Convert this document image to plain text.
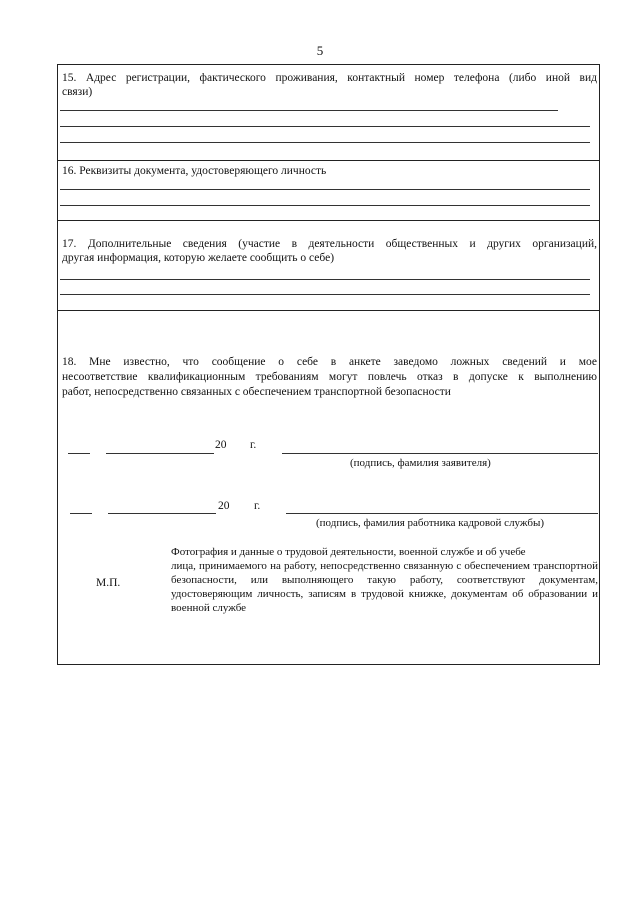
5
15. Адрес регистрации, фактического проживания, контактный номер телефона (либо иной вид
связи)
16. Реквизиты документа, удостоверяющего личность
17. Дополнительные сведения (участие в деятельности общественных и других организаций,
другая информация, которую желаете сообщить о себе)
18. Мне известно, что сообщение о себе в анкете заведомо ложных сведений и мое
несоответствие квалификационным требованиям могут повлечь отказ в допуске к выполнению
работ, непосредственно связанных с обеспечением транспортной безопасности
20 г.
(подпись, фамилия заявителя)
20 г.
(подпись, фамилия работника кадровой службы)
М.П.
Фотография и данные о трудовой деятельности, военной службе и об учебе
лица, принимаемого на работу, непосредственно связанную с обеспечением транспортной безопасности, или выполняющего такую работу, соответствуют документам, удостоверяющим личность, записям в трудовой книжке, документам об образовании и военной службе
